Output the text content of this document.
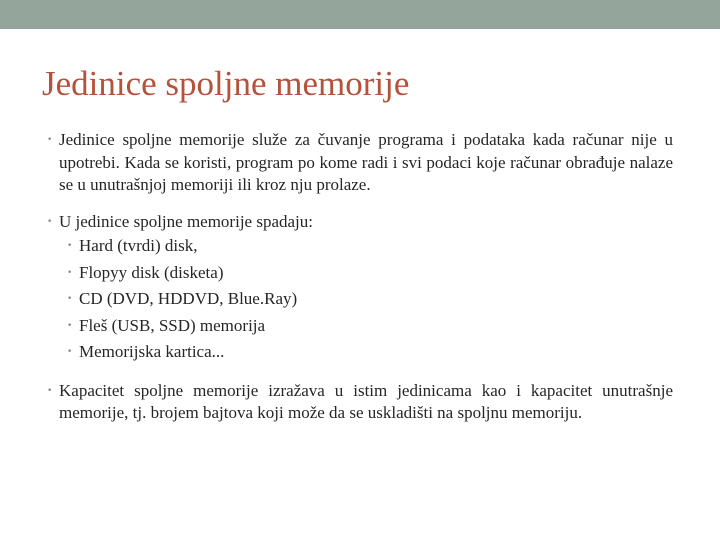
Jedinice spoljne memorije

• Jedinice spoljne memorije služe za čuvanje programa i podataka kada računar nije u upotrebi. Kada se koristi, program po kome radi i svi podaci koje računar obrađuje nalaze se u unutrašnjoj memoriji ili kroz nju prolaze.

• U jedinice spoljne memorije spadaju:

• Hard (tvrdi) disk,
• Flopyy disk (disketa)
• CD (DVD, HDDVD, Blue.Ray)
• Fleš (USB, SSD) memorija
• Memorijska kartica...

• Kapacitet spoljne memorije izražava u istim jedinicama kao i kapacitet unutrašnje memorije, tj. brojem bajtova koji može da se uskladišti na spoljnu memoriju.
